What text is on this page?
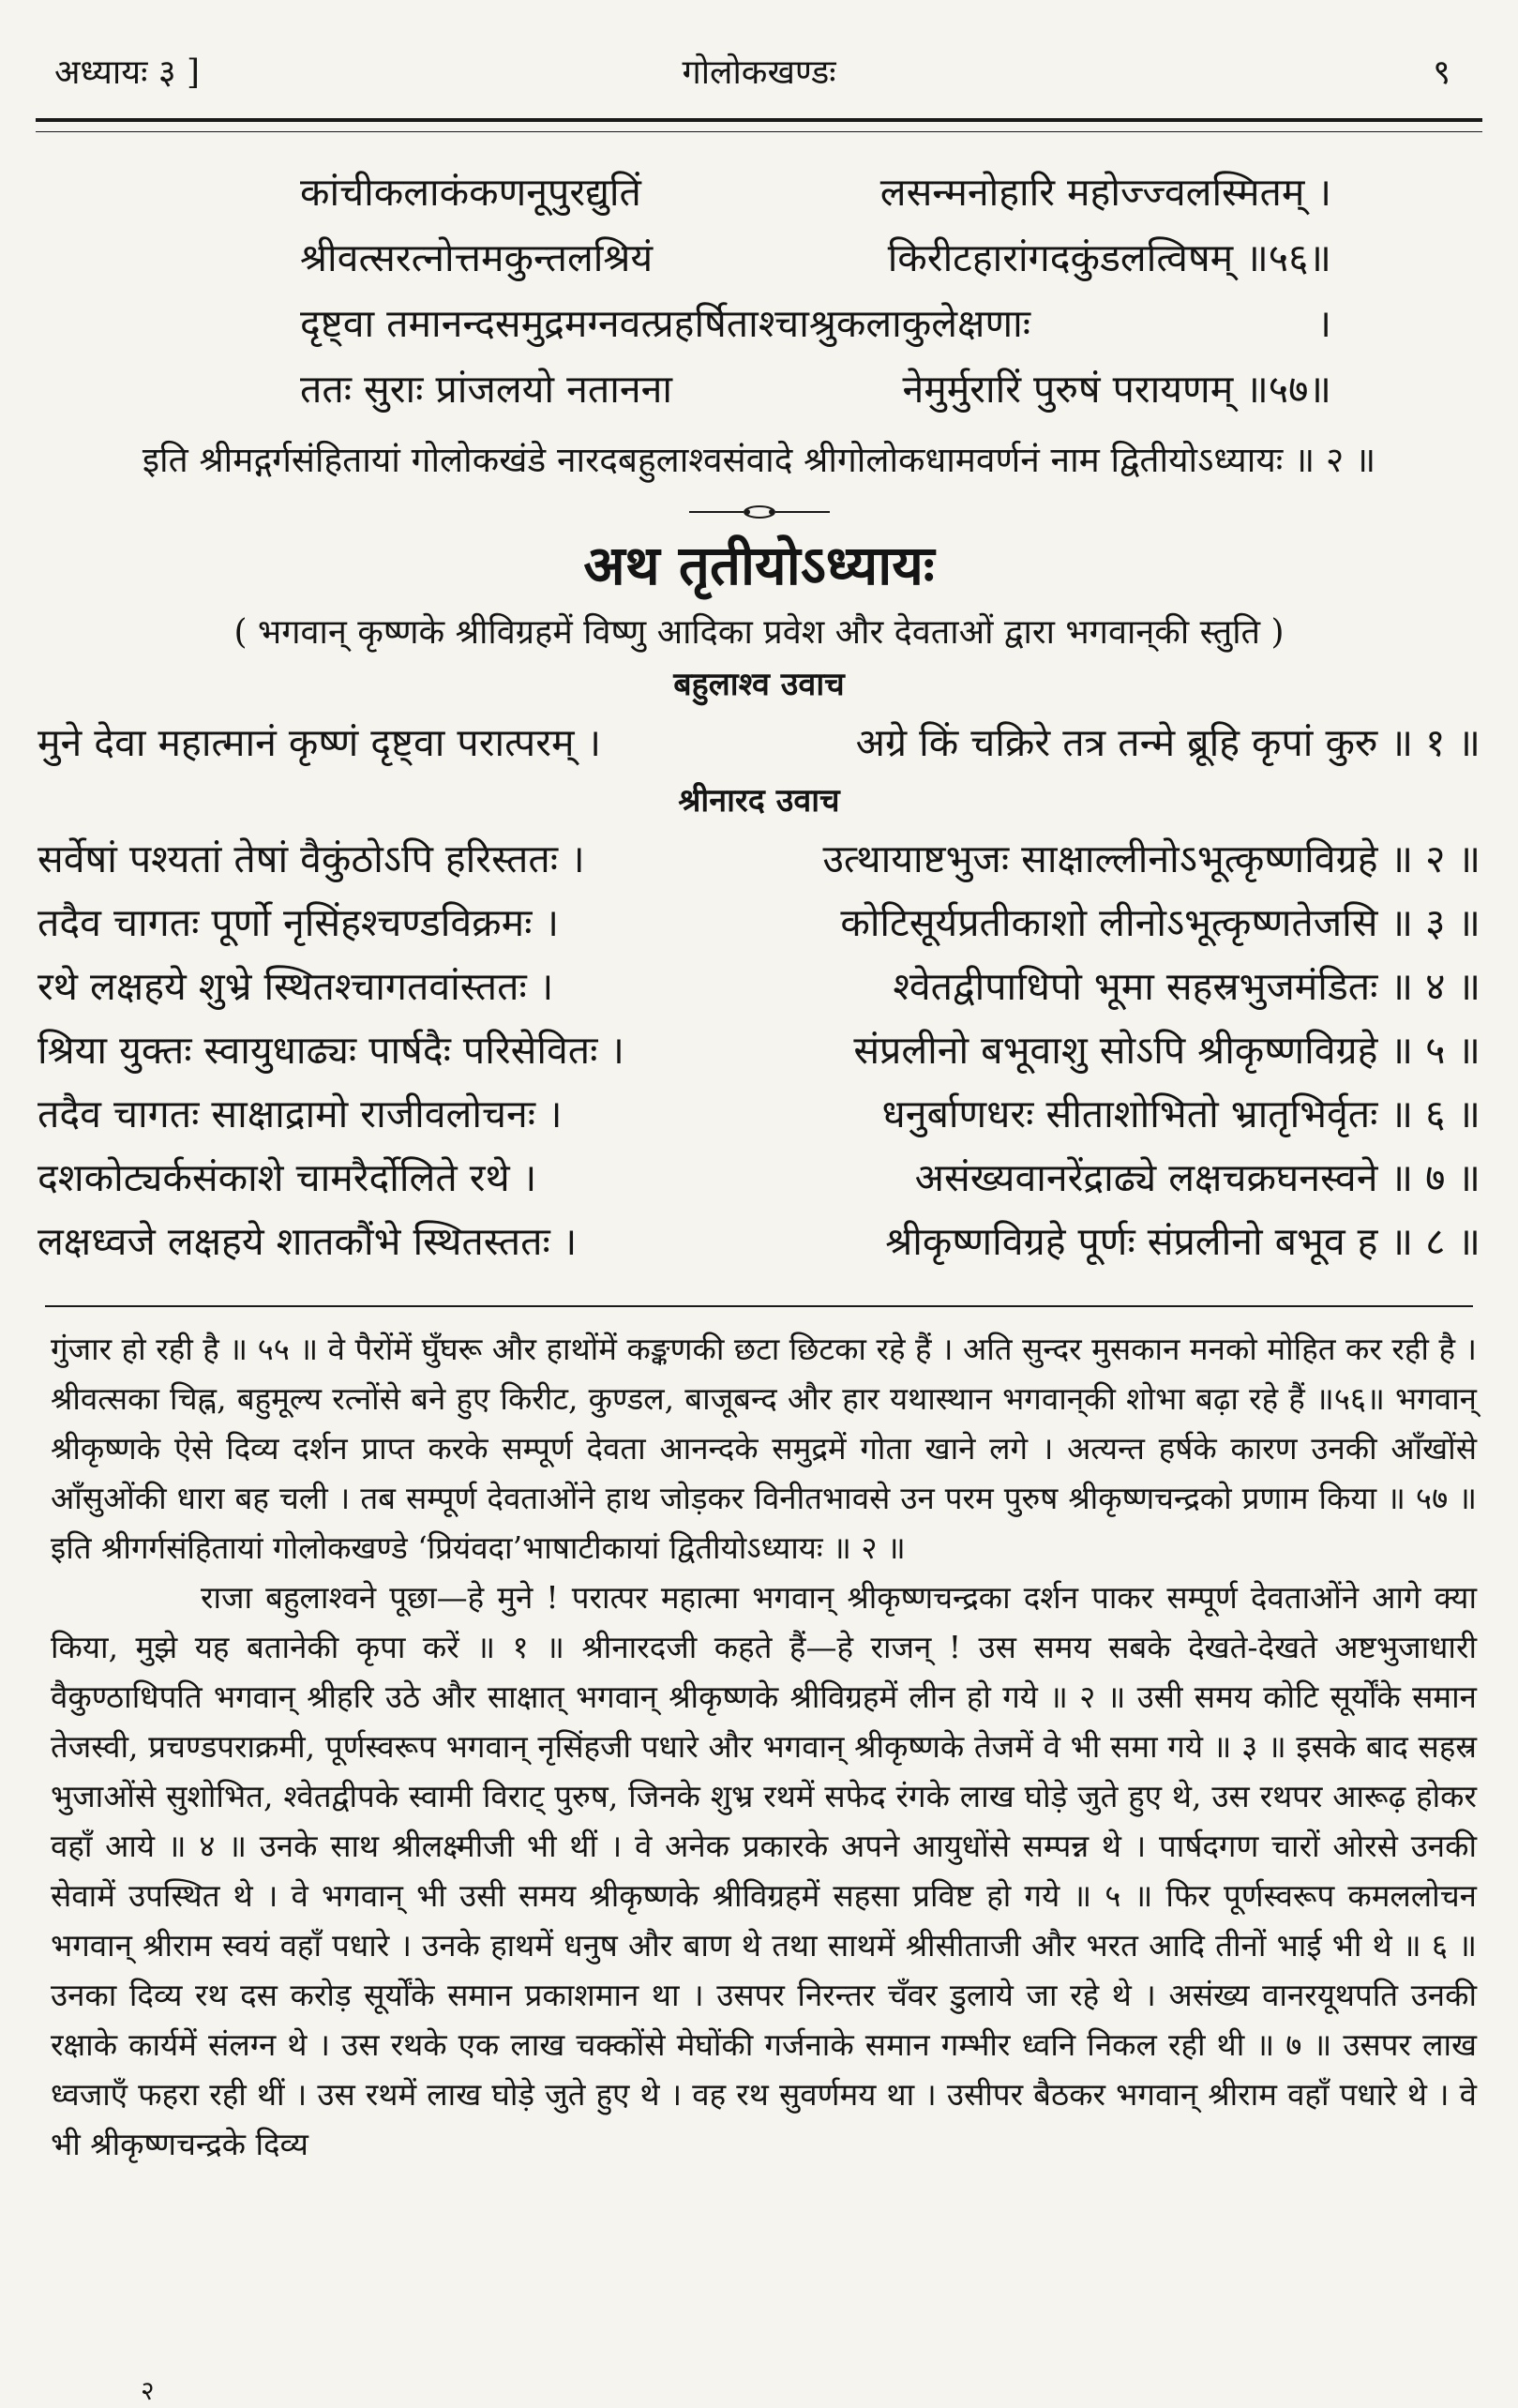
अध्यायः ३ ]	गोलोकखण्डः	९
कांचीकलाकंकणनूपुरद्युतिं	लसन्मनोहारि महोज्ज्वलस्मितम् ।
श्रीवत्सरत्नोत्तमकुन्तलश्रियं	किरीटहारांगदकुंडलत्विषम् ॥५६॥
दृष्ट्वा तमानन्दसमुद्रमग्नवत्प्रहर्षिताश्चाश्रुकलाकुलेक्षणाः	।
ततः सुराः प्रांजलयो नतानना	नेमुर्मुरारिं पुरुषं परायणम् ॥५७॥
इति श्रीमद्गर्गसंहितायां गोलोकखंडे नारदबहुलाश्वसंवादे श्रीगोलोकधामवर्णनं नाम द्वितीयोऽध्यायः ॥ २ ॥
अथ तृतीयोऽध्यायः
( भगवान् कृष्णके श्रीविग्रहमें विष्णु आदिका प्रवेश और देवताओं द्वारा भगवान्‌की स्तुति )
बहुलाश्व उवाच
मुने देवा महात्मानं कृष्णं दृष्ट्वा परात्परम् ।	अग्रे किं चक्रिरे तत्र तन्मे ब्रूहि कृपां कुरु ॥ १ ॥
श्रीनारद उवाच
सर्वेषां पश्यतां तेषां वैकुंठोऽपि हरिस्ततः ।	उत्थायाष्टभुजः साक्षाल्लीनोऽभूत्कृष्णविग्रहे ॥ २ ॥
तदैव चागतः पूर्णो नृसिंहश्चण्डविक्रमः ।	कोटिसूर्यप्रतीकाशो लीनोऽभूत्कृष्णतेजसि ॥ ३ ॥
रथे लक्षहये शुभ्रे स्थितश्चागतवांस्ततः ।	श्वेतद्वीपाधिपो भूमा सहस्रभुजमंडितः ॥ ४ ॥
श्रिया युक्तः स्वायुधाढ्यः पार्षदैः परिसेवितः ।	संप्रलीनो बभूवाशु सोऽपि श्रीकृष्णविग्रहे ॥ ५ ॥
तदैव चागतः साक्षाद्रामो राजीवलोचनः ।	धनुर्बाणधरः सीताशोभितो भ्रातृभिर्वृतः ॥ ६ ॥
दशकोट्यर्कसंकाशे चामरैर्दोलिते रथे ।	असंख्यवानरेंद्राढ्ये लक्षचक्रघनस्वने ॥ ७ ॥
लक्षध्वजे लक्षहये शातकौंभे स्थितस्ततः ।	श्रीकृष्णविग्रहे पूर्णः संप्रलीनो बभूव ह ॥ ८ ॥

गुंजार हो रही है ॥ ५५ ॥ वे पैरोंमें घुँघरू और हाथोंमें कङ्कणकी छटा छिटका रहे हैं । अति सुन्दर मुसकान मनको मोहित कर रही है । श्रीवत्सका चिह्न, बहुमूल्य रत्नोंसे बने हुए किरीट, कुण्डल, बाजूबन्द और हार यथास्थान भगवान्‌की शोभा बढ़ा रहे हैं ॥५६॥ भगवान् श्रीकृष्णके ऐसे दिव्य दर्शन प्राप्त करके सम्पूर्ण देवता आनन्दके समुद्रमें गोता खाने लगे । अत्यन्त हर्षके कारण उनकी आँखोंसे आँसुओंकी धारा बह चली । तब सम्पूर्ण देवताओंने हाथ जोड़कर विनीतभावसे उन परम पुरुष श्रीकृष्णचन्द्रको प्रणाम किया ॥ ५७ ॥ इति श्रीगर्गसंहितायां गोलोकखण्डे ‘प्रियंवदा’भाषाटीकायां द्वितीयोऽध्यायः ॥ २ ॥

राजा बहुलाश्वने पूछा—हे मुने ! परात्पर महात्मा भगवान् श्रीकृष्णचन्द्रका दर्शन पाकर सम्पूर्ण देवताओंने आगे क्या किया, मुझे यह बतानेकी कृपा करें ॥ १ ॥ श्रीनारदजी कहते हैं—हे राजन् ! उस समय सबके देखते-देखते अष्टभुजाधारी वैकुण्ठाधिपति भगवान् श्रीहरि उठे और साक्षात् भगवान् श्रीकृष्णके श्रीविग्रहमें लीन हो गये ॥ २ ॥ उसी समय कोटि सूर्योंके समान तेजस्वी, प्रचण्डपराक्रमी, पूर्णस्वरूप भगवान् नृसिंहजी पधारे और भगवान् श्रीकृष्णके तेजमें वे भी समा गये ॥ ३ ॥ इसके बाद सहस्र भुजाओंसे सुशोभित, श्वेतद्वीपके स्वामी विराट् पुरुष, जिनके शुभ्र रथमें सफेद रंगके लाख घोड़े जुते हुए थे, उस रथपर आरूढ़ होकर वहाँ आये ॥ ४ ॥ उनके साथ श्रीलक्ष्मीजी भी थीं । वे अनेक प्रकारके अपने आयुधोंसे सम्पन्न थे । पार्षदगण चारों ओरसे उनकी सेवामें उपस्थित थे । वे भगवान् भी उसी समय श्रीकृष्णके श्रीविग्रहमें सहसा प्रविष्ट हो गये ॥ ५ ॥ फिर पूर्णस्वरूप कमललोचन भगवान् श्रीराम स्वयं वहाँ पधारे । उनके हाथमें धनुष और बाण थे तथा साथमें श्रीसीताजी और भरत आदि तीनों भाई भी थे ॥ ६ ॥ उनका दिव्य रथ दस करोड़ सूर्योंके समान प्रकाशमान था । उसपर निरन्तर चँवर डुलाये जा रहे थे । असंख्य वानरयूथपति उनकी रक्षाके कार्यमें संलग्न थे । उस रथके एक लाख चक्कोंसे मेघोंकी गर्जनाके समान गम्भीर ध्वनि निकल रही थी ॥ ७ ॥ उसपर लाख ध्वजाएँ फहरा रही थीं । उस रथमें लाख घोड़े जुते हुए थे । वह रथ सुवर्णमय था । उसीपर बैठकर भगवान् श्रीराम वहाँ पधारे थे । वे भी श्रीकृष्णचन्द्रके दिव्य

२
